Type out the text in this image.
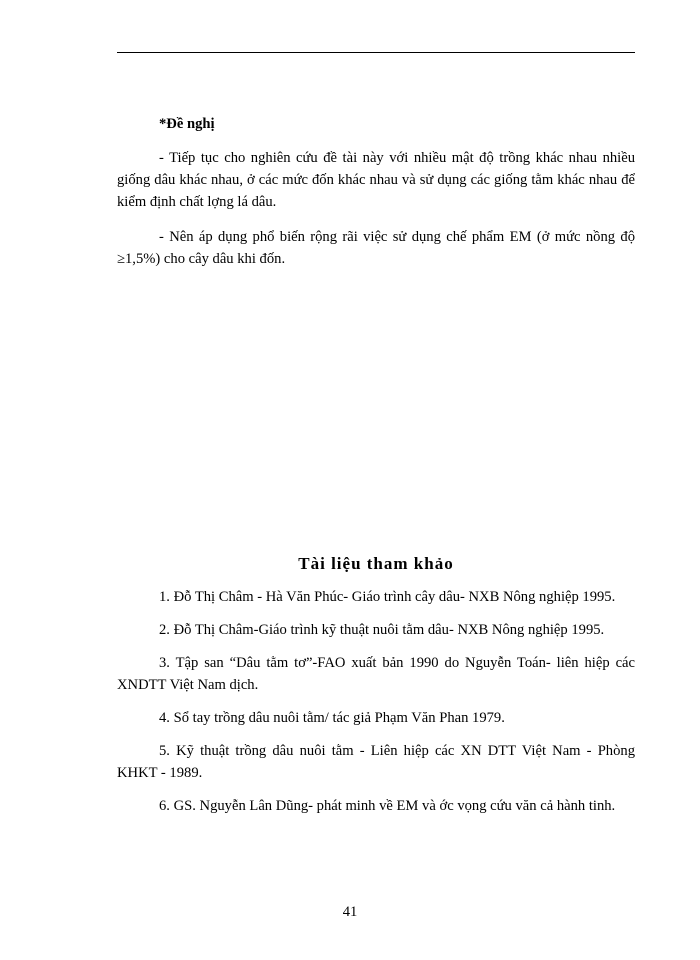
*Đề nghị

- Tiếp tục cho nghiên cứu đề tài này với nhiều mật độ trồng khác nhau nhiều giống dâu khác nhau, ở các mức đốn khác nhau và sử dụng các giống tằm khác nhau để kiểm định chất lợng lá dâu.

- Nên áp dụng phổ biến rộng rãi việc sử dụng chế phẩm EM (ở mức nồng độ ≥1,5%) cho cây dâu khi đốn.

Tài liệu tham khảo

1. Đỗ Thị Châm - Hà Văn Phúc- Giáo trình cây dâu- NXB Nông nghiệp 1995.

2. Đỗ Thị Châm-Giáo trình kỹ thuật nuôi tằm dâu- NXB Nông nghiệp 1995.

3. Tập san “Dâu tằm tơ”-FAO xuất bản 1990 do Nguyễn Toán- liên hiệp các XNDTT Việt Nam dịch.

4. Sổ tay trồng dâu nuôi tằm/ tác giả Phạm Văn Phan 1979.

5. Kỹ thuật trồng dâu nuôi tằm - Liên hiệp các XN DTT Việt Nam - Phòng KHKT - 1989.

6. GS. Nguyễn Lân Dũng- phát minh về EM và ớc vọng cứu văn cả hành tinh.

41
